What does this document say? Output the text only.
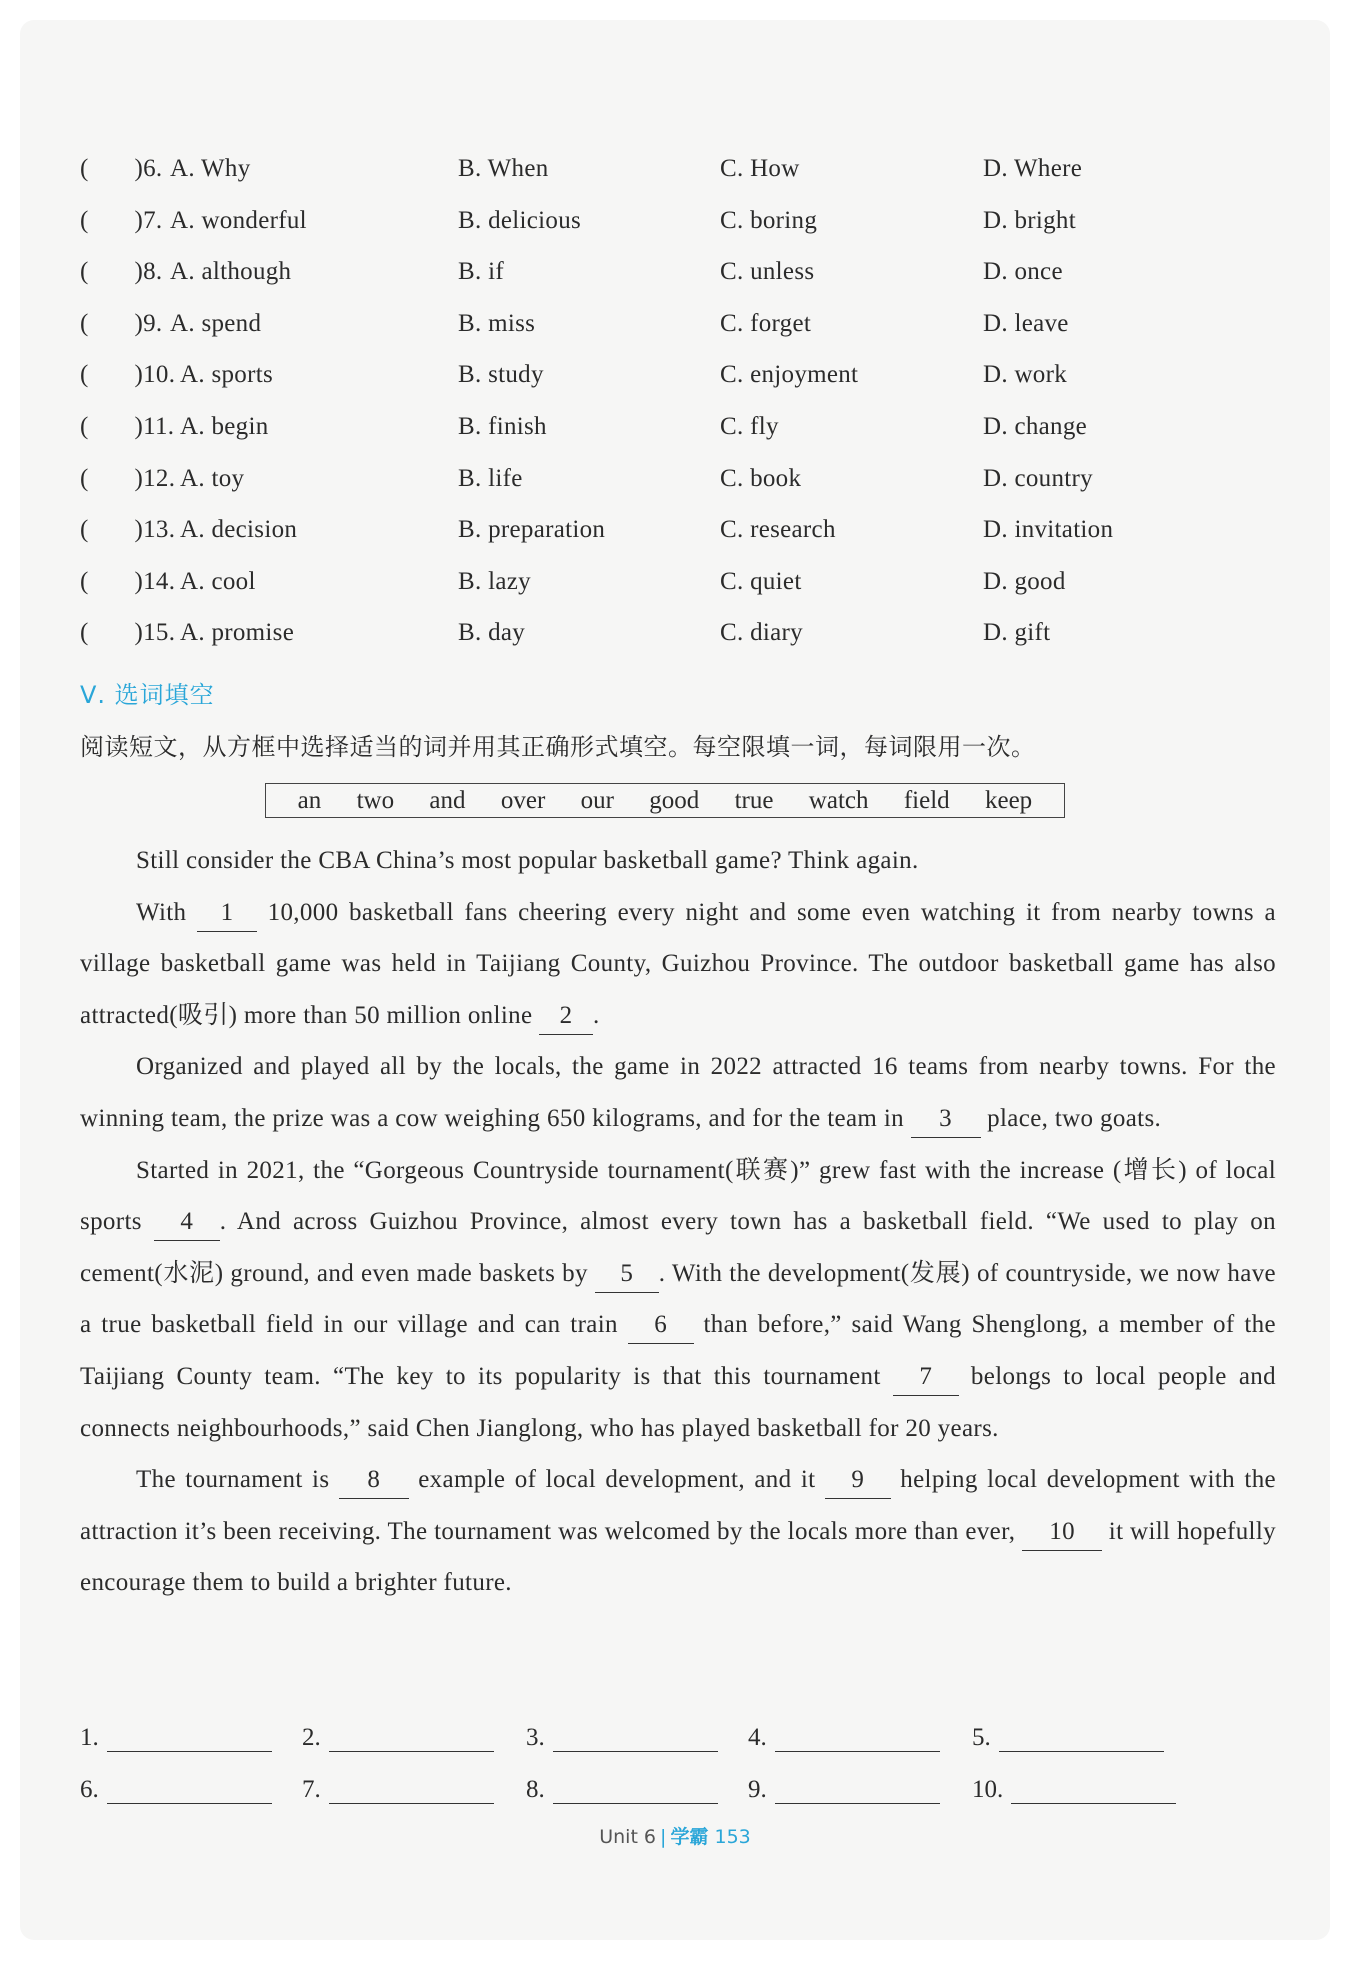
(       )6. A. Why	B. When	C. How	D. Where
(       )7. A. wonderful	B. delicious	C. boring	D. bright
(       )8. A. although	B. if	C. unless	D. once
(       )9. A. spend	B. miss	C. forget	D. leave
(       )10. A. sports	B. study	C. enjoyment	D. work
(       )11. A. begin	B. finish	C. fly	D. change
(       )12. A. toy	B. life	C. book	D. country
(       )13. A. decision	B. preparation	C. research	D. invitation
(       )14. A. cool	B. lazy	C. quiet	D. good
(       )15. A. promise	B. day	C. diary	D. gift
Ⅴ. 选词填空
阅读短文，从方框中选择适当的词并用其正确形式填空。每空限填一词，每词限用一次。
an two and over our good true watch field keep

Still consider the CBA China’s most popular basketball game? Think again.

With 1 10,000 basketball fans cheering every night and some even watching it from nearby towns a village basketball game was held in Taijiang County, Guizhou Province. The outdoor basketball game has also attracted(吸引) more than 50 million online 2 .

Organized and played all by the locals, the game in 2022 attracted 16 teams from nearby towns. For the winning team, the prize was a cow weighing 650 kilograms, and for the team in 3 place, two goats.

Started in 2021, the “Gorgeous Countryside tournament(联赛)” grew fast with the increase (增长) of local sports 4 . And across Guizhou Province, almost every town has a basketball field. “We used to play on cement(水泥) ground, and even made baskets by 5 . With the development(发展) of countryside, we now have a true basketball field in our village and can train 6 than before,” said Wang Shenglong, a member of the Taijiang County team. “The key to its popularity is that this tournament 7 belongs to local people and connects neighbourhoods,” said Chen Jianglong, who has played basketball for 20 years.

The tournament is 8 example of local development, and it 9 helping local development with the attraction it’s been receiving. The tournament was welcomed by the locals more than ever, 10 it will hopefully encourage them to build a brighter future.

1.	2.	3.	4.	5.
6.	7.	8.	9.	10.
Unit 6 | 学霸 153
